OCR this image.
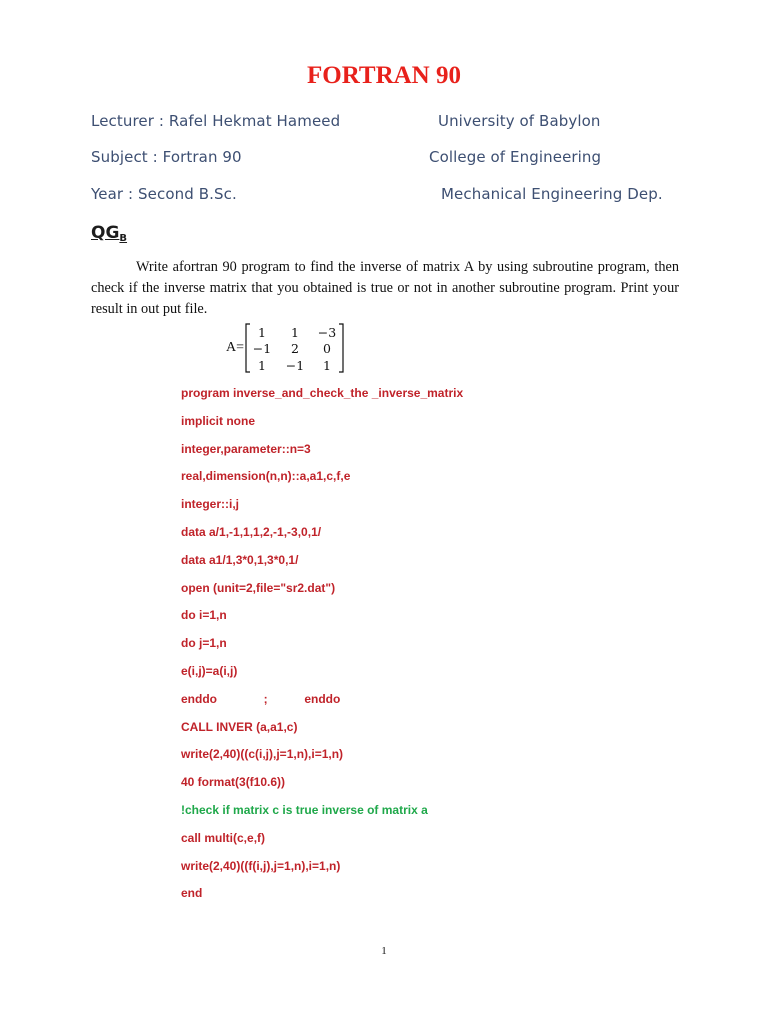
FORTRAN 90
Lecturer : Rafel Hekmat Hameed	University of Babylon
Subject : Fortran 90	College of Engineering
Year : Second B.Sc.	Mechanical Engineering Dep.
$QG_B$
Write afortran 90 program to find the inverse of matrix A by using subroutine program, then check if the inverse matrix that you obtained is true or not in another subroutine program. Print your result in out put file.
A=
1 1 −3
−1 2 0
1 −1 1
program inverse_and_check_the _inverse_matrix
implicit none
integer,parameter::n=3
real,dimension(n,n)::a,a1,c,f,e
integer::i,j
data a/1,-1,1,1,2,-1,-3,0,1/
data a1/1,3*0,1,3*0,1/
open (unit=2,file="sr2.dat")
do i=1,n
do j=1,n
e(i,j)=a(i,j)
enddo              ;           enddo
CALL INVER (a,a1,c)
write(2,40)((c(i,j),j=1,n),i=1,n)
40 format(3(f10.6))
!check if matrix c is true inverse of matrix a
call multi(c,e,f)
write(2,40)((f(i,j),j=1,n),i=1,n)
end
1
